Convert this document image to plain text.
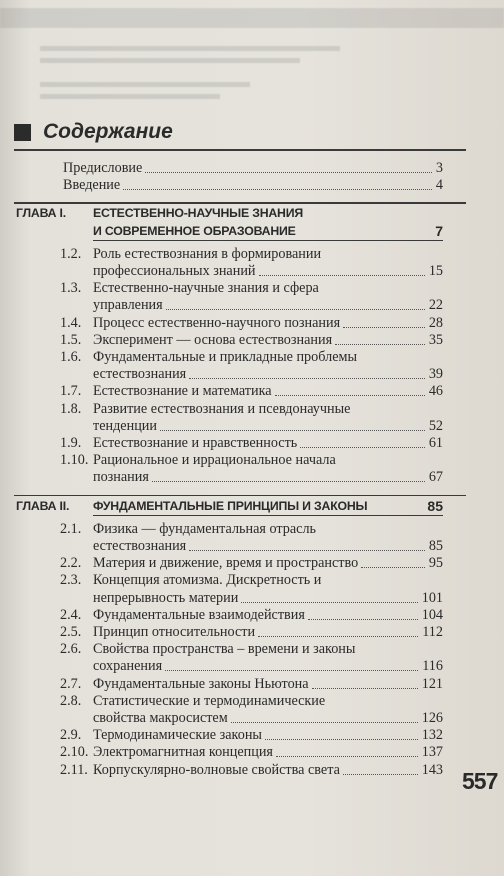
Содержание
Предисловие	3
Введение	4
ГЛАВА I. ЕСТЕСТВЕННО-НАУЧНЫЕ ЗНАНИЯ
И СОВРЕМЕННОЕ ОБРАЗОВАНИЕ	7
1.2. Роль естествознания в формировании
профессиональных знаний	15
1.3. Естественно-научные знания и сфера
управления	22
1.4. Процесс естественно-научного познания	28
1.5. Эксперимент — основа естествознания	35
1.6. Фундаментальные и прикладные проблемы
естествознания	39
1.7. Естествознание и математика	46
1.8. Развитие естествознания и псевдонаучные
тенденции	52
1.9. Естествознание и нравственность	61
1.10. Рациональное и иррациональное начала
познания	67
ГЛАВА II. ФУНДАМЕНТАЛЬНЫЕ ПРИНЦИПЫ И ЗАКОНЫ	85
2.1. Физика — фундаментальная отрасль
естествознания	85
2.2. Материя и движение, время и пространство	95
2.3. Концепция атомизма. Дискретность и
непрерывность материи	101
2.4. Фундаментальные взаимодействия	104
2.5. Принцип относительности	112
2.6. Свойства пространства – времени и законы
сохранения	116
2.7. Фундаментальные законы Ньютона	121
2.8. Статистические и термодинамические
свойства макросистем	126
2.9. Термодинамические законы	132
2.10. Электромагнитная концепция	137
2.11. Корпускулярно-волновые свойства света	143 557
